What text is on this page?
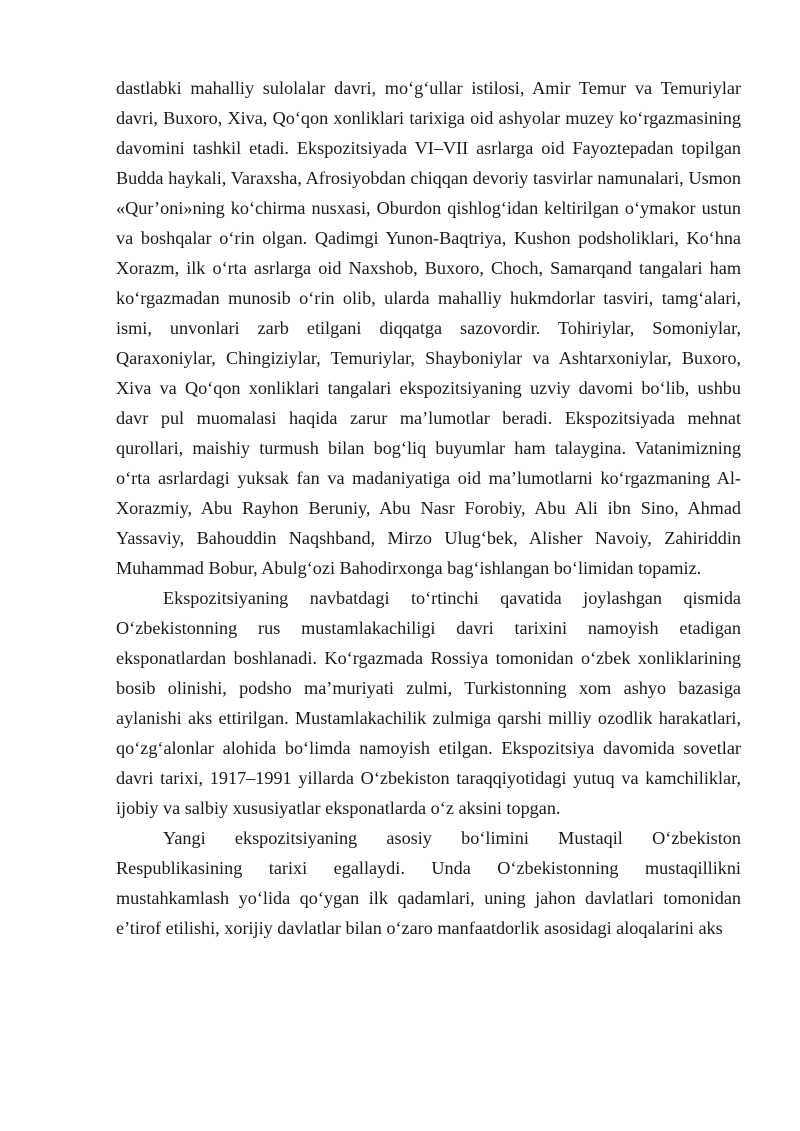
dastlabki mahalliy sulolalar davri, mo‘g‘ullar istilosi, Amir Temur va Temuriylar davri, Buxoro, Xiva, Qo‘qon xonliklari tarixiga oid ashyolar muzey ko‘rgazmasining davomini tashkil etadi. Ekspozitsiyada VI–VII asrlarga oid Fayoztepadan topilgan Budda haykali, Varaxsha, Afrosiyobdan chiqqan devoriy tasvirlar namunalari, Usmon «Qur’oni»ning ko‘chirma nusxasi, Oburdon qishlog‘idan keltirilgan o‘ymakor ustun va boshqalar o‘rin olgan. Qadimgi Yunon-Baqtriya, Kushon podsholiklari, Ko‘hna Xorazm, ilk o‘rta asrlarga oid Naxshob, Buxoro, Choch, Samarqand tangalari ham ko‘rgazmadan munosib o‘rin olib, ularda mahalliy hukmdorlar tasviri, tamg‘alari, ismi, unvonlari zarb etilgani diqqatga sazovordir. Tohiriylar, Somoniylar, Qaraxoniylar, Chingiziylar, Temuriylar, Shayboniylar va Ashtarxoniylar, Buxoro, Xiva va Qo‘qon xonliklari tangalari ekspozitsiyaning uzviy davomi bo‘lib, ushbu davr pul muomalasi haqida zarur ma’lumotlar beradi. Ekspozitsiyada mehnat qurollari, maishiy turmush bilan bog‘liq buyumlar ham talaygina. Vatanimizning o‘rta asrlardagi yuksak fan va madaniyatiga oid ma’lumotlarni ko‘rgazmaning Al-Xorazmiy, Abu Rayhon Beruniy, Abu Nasr Forobiy, Abu Ali ibn Sino, Ahmad Yassaviy, Bahouddin Naqshband, Mirzo Ulug‘bek, Alisher Navoiy, Zahiriddin Muhammad Bobur, Abulg‘ozi Bahodirxonga bag‘ishlangan bo‘limidan topamiz.

Ekspozitsiyaning navbatdagi to‘rtinchi qavatida joylashgan qismida O‘zbekistonning rus mustamlakachiligi davri tarixini namoyish etadigan eksponatlardan boshlanadi. Ko‘rgazmada Rossiya tomonidan o‘zbek xonliklarining bosib olinishi, podsho ma’muriyati zulmi, Turkistonning xom ashyo bazasiga aylanishi aks ettirilgan. Mustamlakachilik zulmiga qarshi milliy ozodlik harakatlari, qo‘zg‘alonlar alohida bo‘limda namoyish etilgan. Ekspozitsiya davomida sovetlar davri tarixi, 1917–1991 yillarda O‘zbekiston taraqqiyotidagi yutuq va kamchiliklar, ijobiy va salbiy xususiyatlar eksponatlarda o‘z aksini topgan.

Yangi ekspozitsiyaning asosiy bo‘limini Mustaqil O‘zbekiston Respublikasining tarixi egallaydi. Unda O‘zbekistonning mustaqillikni mustahkamlash yo‘lida qo‘ygan ilk qadamlari, uning jahon davlatlari tomonidan e’tirof etilishi, xorijiy davlatlar bilan o‘zaro manfaatdorlik asosidagi aloqalarini aks
